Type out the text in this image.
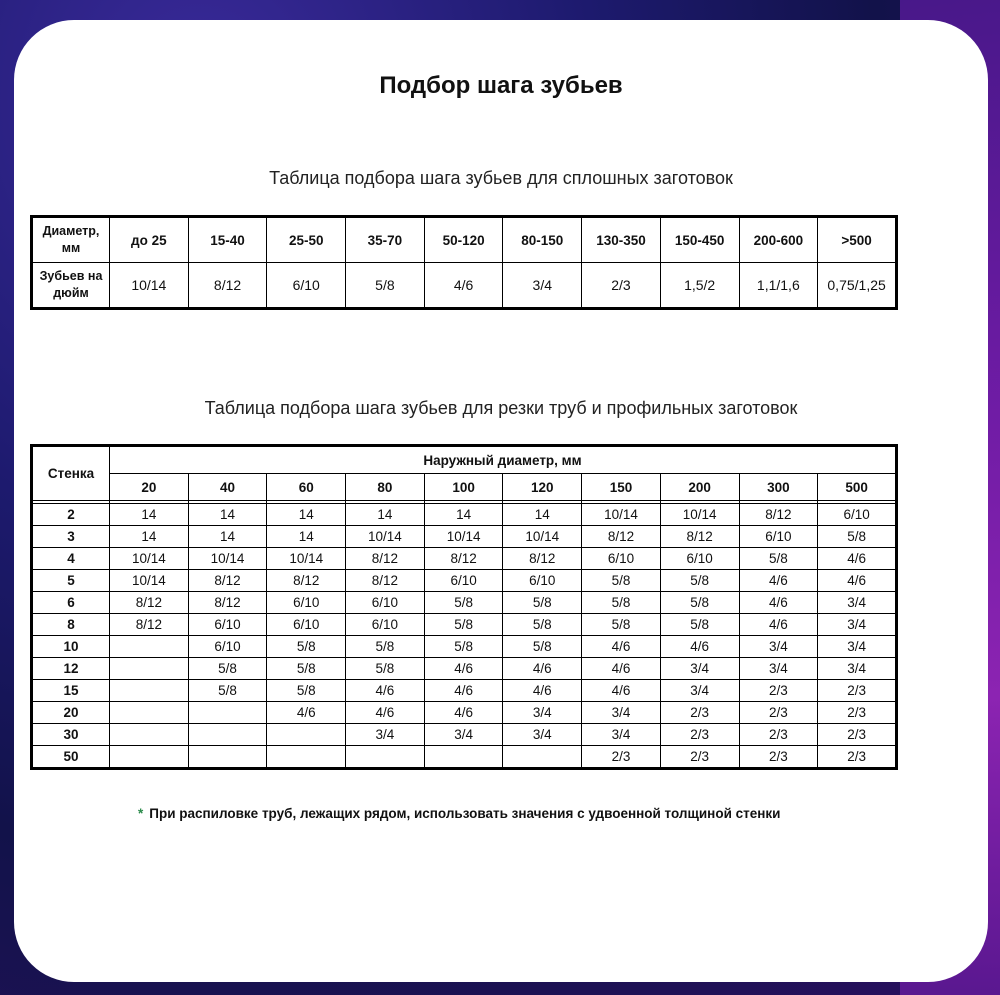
Подбор шага зубьев
Таблица подбора шага зубьев для сплошных заготовок
Диаметр, мм	до 25	15-40	25-50	35-70	50-120	80-150	130-350	150-450	200-600	>500
Зубьев на дюйм	10/14	8/12	6/10	5/8	4/6	3/4	2/3	1,5/2	1,1/1,6	0,75/1,25
Таблица подбора шага зубьев для резки труб и профильных заготовок
Стенка	Наружный диаметр, мм									
	20	40	60	80	100	120	150	200	300	500

2	14	14	14	14	14	14	10/14	10/14	8/12	6/10
3	14	14	14	10/14	10/14	10/14	8/12	8/12	6/10	5/8
4	10/14	10/14	10/14	8/12	8/12	8/12	6/10	6/10	5/8	4/6
5	10/14	8/12	8/12	8/12	6/10	6/10	5/8	5/8	4/6	4/6
6	8/12	8/12	6/10	6/10	5/8	5/8	5/8	5/8	4/6	3/4
8	8/12	6/10	6/10	6/10	5/8	5/8	5/8	5/8	4/6	3/4
10		6/10	5/8	5/8	5/8	5/8	4/6	4/6	3/4	3/4
12		5/8	5/8	5/8	4/6	4/6	4/6	3/4	3/4	3/4
15		5/8	5/8	4/6	4/6	4/6	4/6	3/4	2/3	2/3
20			4/6	4/6	4/6	3/4	3/4	2/3	2/3	2/3
30				3/4	3/4	3/4	3/4	2/3	2/3	2/3
50							2/3	2/3	2/3	2/3
* При распиловке труб, лежащих рядом, использовать значения с удвоенной толщиной стенки
